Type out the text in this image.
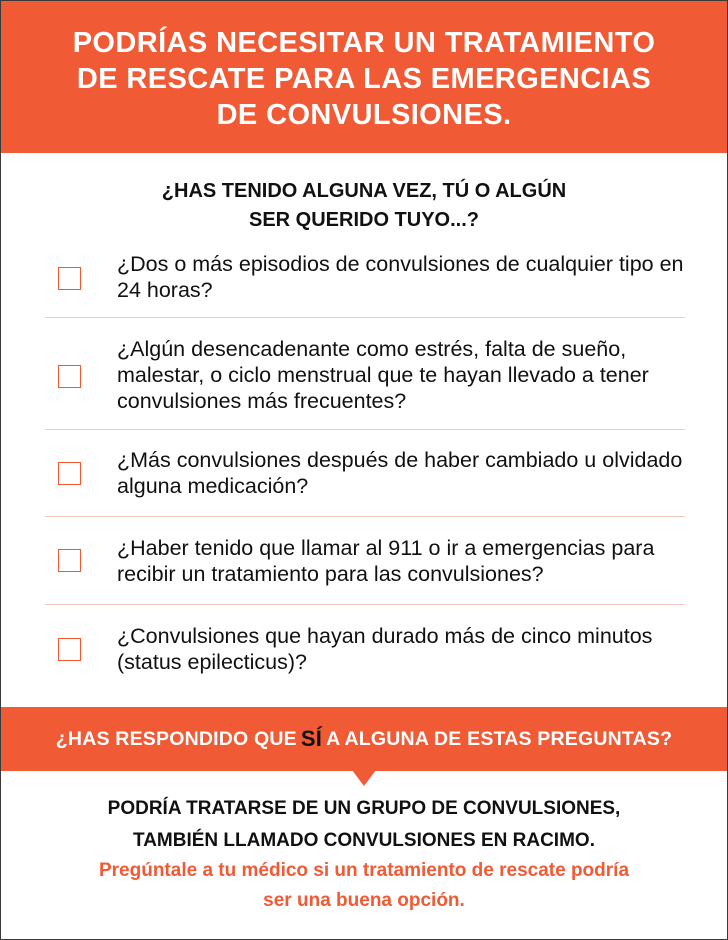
PODRÍAS NECESITAR UN TRATAMIENTO DE RESCATE PARA LAS EMERGENCIAS DE CONVULSIONES.
¿HAS TENIDO ALGUNA VEZ, TÚ O ALGÚN
SER QUERIDO TUYO...?
¿Dos o más episodios de convulsiones de cualquier tipo en 24 horas?
¿Algún desencadenante como estrés, falta de sueño, malestar, o ciclo menstrual que te hayan llevado a tener convulsiones más frecuentes?
¿Más convulsiones después de haber cambiado u olvidado alguna medicación?
¿Haber tenido que llamar al 911 o ir a emergencias para recibir un tratamiento para las convulsiones?
¿Convulsiones que hayan durado más de cinco minutos (status epilecticus)?
¿HAS RESPONDIDO QUE SÍ A ALGUNA DE ESTAS PREGUNTAS?
PODRÍA TRATARSE DE UN GRUPO DE CONVULSIONES,
TAMBIÉN LLAMADO CONVULSIONES EN RACIMO.
Pregúntale a tu médico si un tratamiento de rescate podría
ser una buena opción.
